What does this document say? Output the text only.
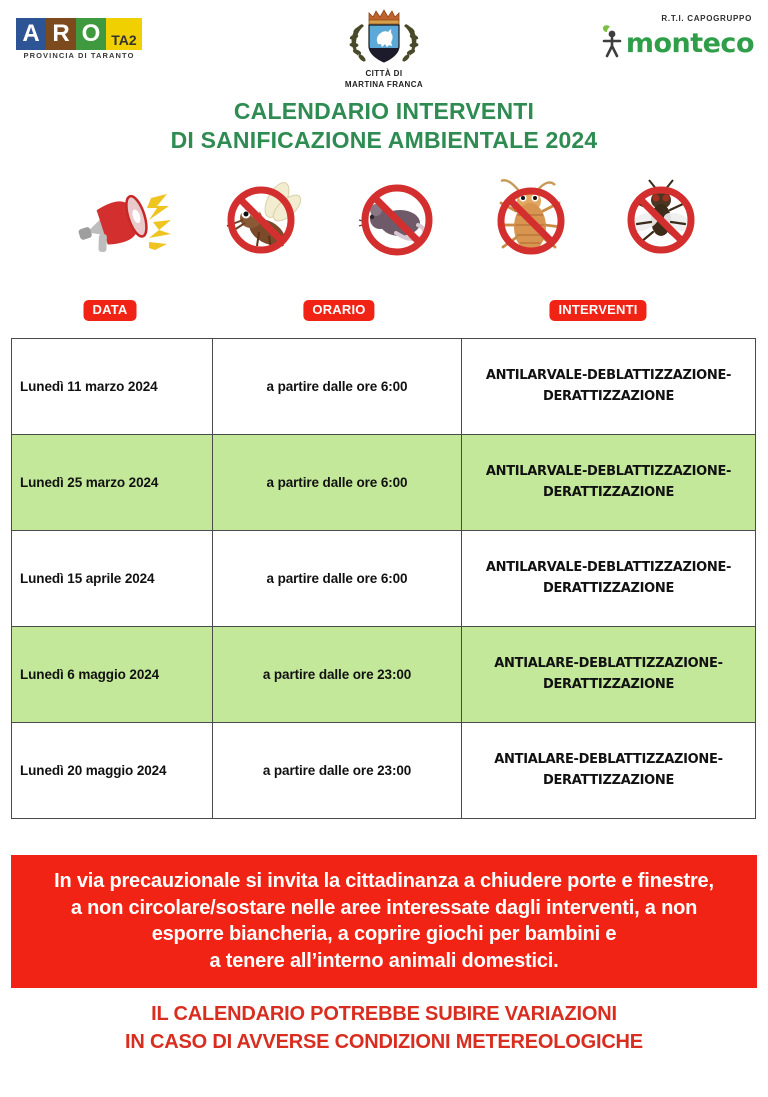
A R O TA2
PROVINCIA DI TARANTO
CITTÀ DI
MARTINA FRANCA
R.T.I. CAPOGRUPPO
monteco
CALENDARIO INTERVENTI
DI SANIFICAZIONE AMBIENTALE 2024
DATA	ORARIO	INTERVENTI
Lunedì 11 marzo 2024	a partire dalle ore 6:00	ANTILARVALE-DEBLATTIZZAZIONE-
DERATTIZZAZIONE

Lunedì 25 marzo 2024	a partire dalle ore 6:00	ANTILARVALE-DEBLATTIZZAZIONE-
DERATTIZZAZIONE

Lunedì 15 aprile 2024	a partire dalle ore 6:00	ANTILARVALE-DEBLATTIZZAZIONE-
DERATTIZZAZIONE

Lunedì 6 maggio 2024	a partire dalle ore 23:00	ANTIALARE-DEBLATTIZZAZIONE-
DERATTIZZAZIONE

Lunedì 20 maggio 2024	a partire dalle ore 23:00	ANTIALARE-DEBLATTIZZAZIONE-
DERATTIZZAZIONE
In via precauzionale si invita la cittadinanza a chiudere porte e finestre,
a non circolare/sostare nelle aree interessate dagli interventi, a non
esporre biancheria, a coprire giochi per bambini e
a tenere all’interno animali domestici.
IL CALENDARIO POTREBBE SUBIRE VARIAZIONI
IN CASO DI AVVERSE CONDIZIONI METEREOLOGICHE
